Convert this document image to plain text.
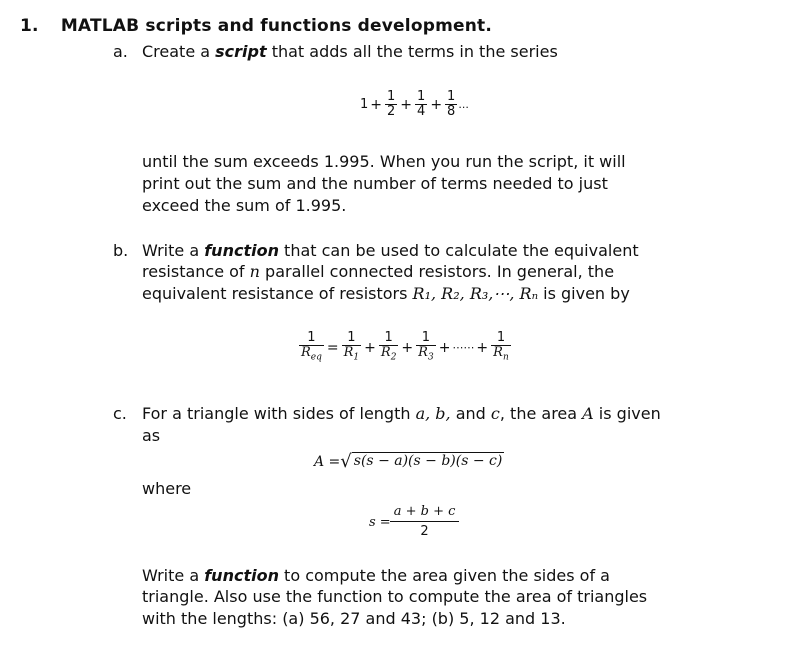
1. MATLAB scripts and functions development.
a. Create a script that adds all the terms in the series
$1 + \frac{1}{2} + \frac{1}{4} + \frac{1}{8}$ ...
until the sum exceeds 1.995. When you run the script, it will
print out the sum and the number of terms needed to just
exceed the sum of 1.995.
b. Write a function that can be used to calculate the equivalent
resistance of n parallel connected resistors. In general, the
equivalent resistance of resistors R₁, R₂, R₃,⋯, Rₙ is given by
$\frac{1}{R_{eq}} = \frac{1}{R_1} + \frac{1}{R_2} + \frac{1}{R_3}$ + ⋯⋯ + $\frac{1}{R_n}$
c. For a triangle with sides of length a, b, and c, the area A is given
as
A = √ s(s − a)(s − b)(s − c)
where
$s = \frac{a + b + c}{2}$
Write a function to compute the area given the sides of a
triangle. Also use the function to compute the area of triangles
with the lengths: (a) 56, 27 and 43; (b) 5, 12 and 13.
